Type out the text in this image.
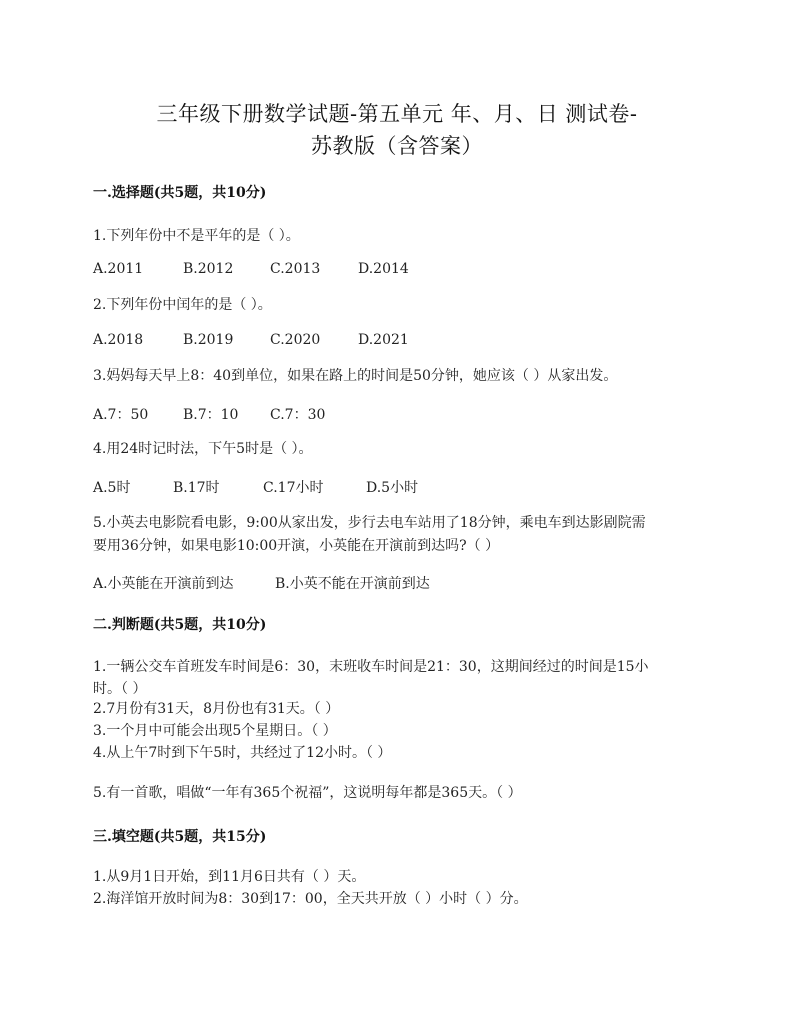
三年级下册数学试题-第五单元 年、月、日 测试卷-
苏教版（含答案）
一.选择题(共5题，共10分)
1.下列年份中不是平年的是（ ）。
A.2011	B.2012	C.2013	D.2014
2.下列年份中闰年的是（ ）。
A.2018	B.2019	C.2020	D.2021
3.妈妈每天早上8：40到单位，如果在路上的时间是50分钟，她应该（ ）从家出发。
A.7：50 B.7：10 C.7：30
4.用24时记时法，下午5时是（ ）。
A.5时	B.17时	C.17小时	D.5小时
5.小英去电影院看电影，9:00从家出发，步行去电车站用了18分钟，乘电车到达影剧院需
要用36分钟，如果电影10:00开演，小英能在开演前到达吗?（ ）
A.小英能在开演前到达	B.小英不能在开演前到达
二.判断题(共5题，共10分)
1.一辆公交车首班发车时间是6：30，末班收车时间是21：30，这期间经过的时间是15小
时。（ ）
2.7月份有31天，8月份也有31天。（ ）
3.一个月中可能会出现5个星期日。（ ）
4.从上午7时到下午5时，共经过了12小时。（ ）
5.有一首歌，唱做“一年有365个祝福”，这说明每年都是365天。（ ）
三.填空题(共5题，共15分)
1.从9月1日开始，到11月6日共有（ ）天。
2.海洋馆开放时间为8：30到17：00，全天共开放（ ）小时（ ）分。
